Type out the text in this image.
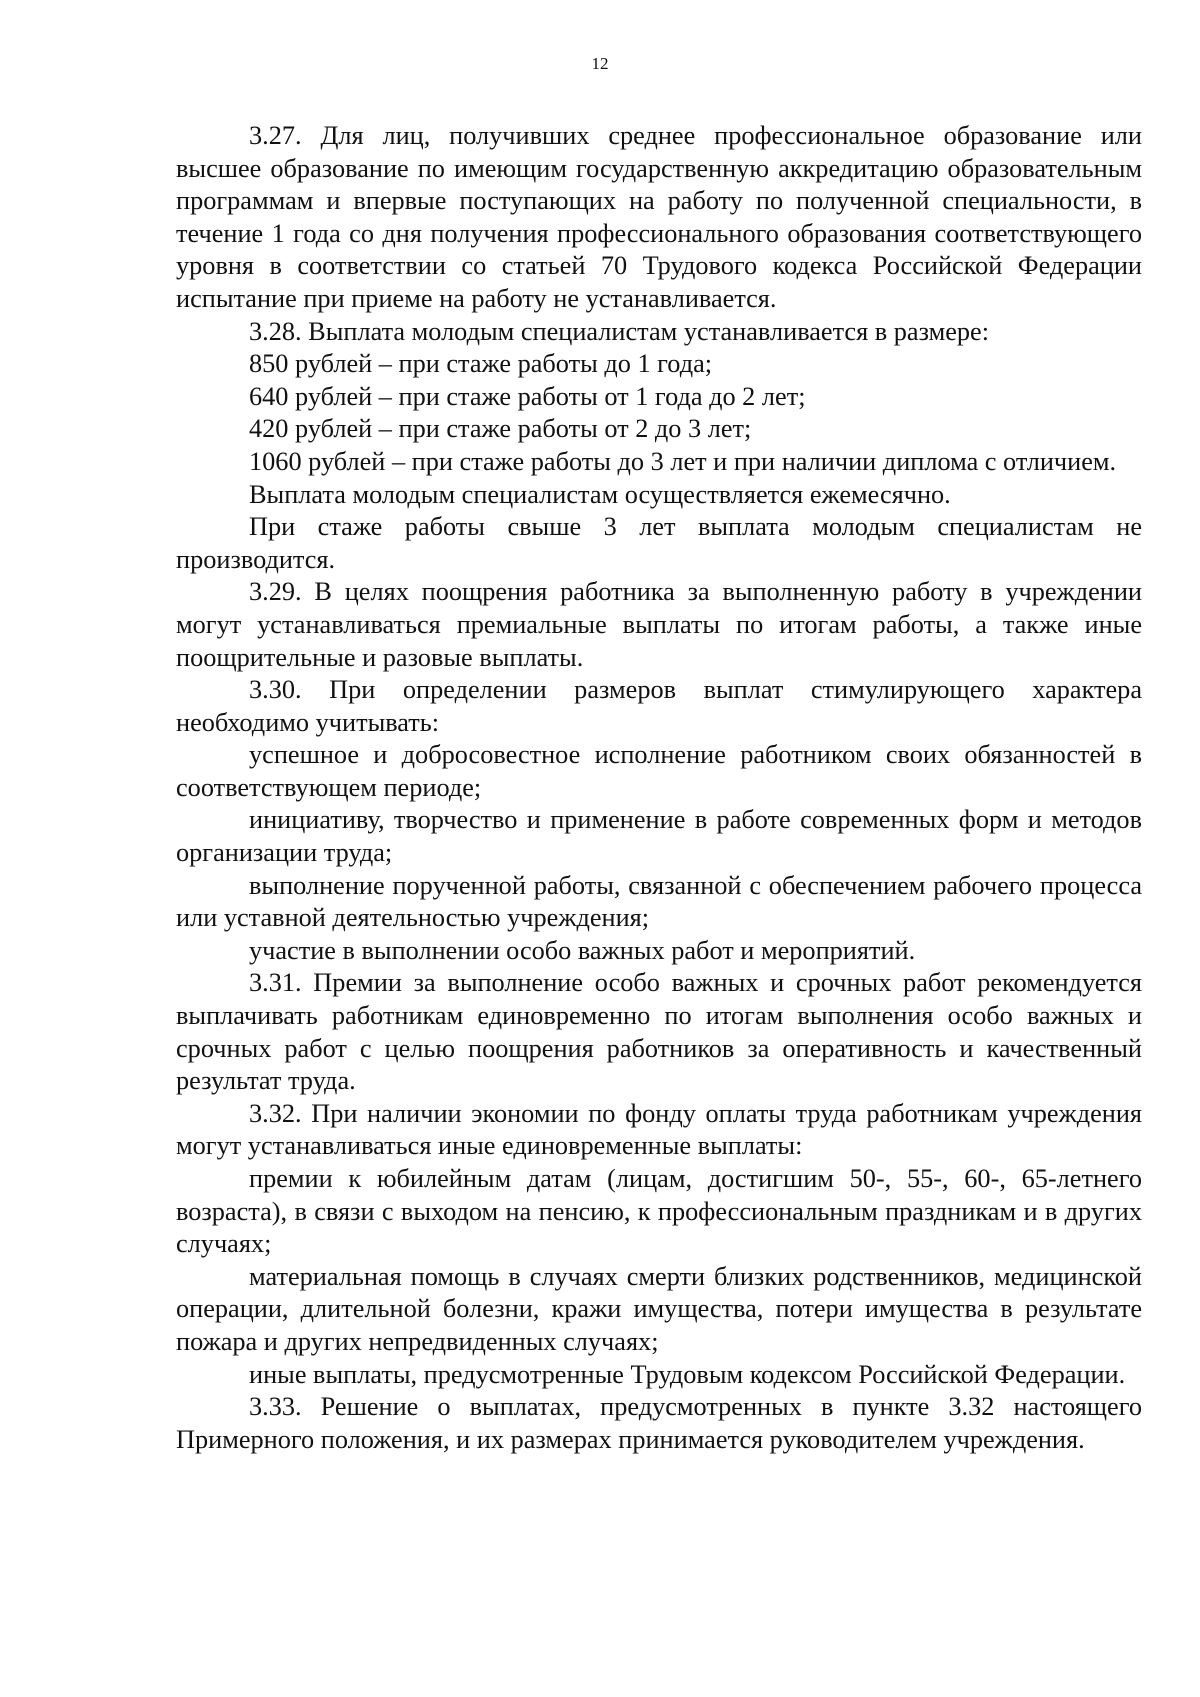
12

3.27. Для лиц, получивших среднее профессиональное образование или высшее образование по имеющим государственную аккредитацию образовательным программам и впервые поступающих на работу по полученной специальности, в течение 1 года со дня получения профессионального образования соответствующего уровня в соответствии со статьей 70 Трудового кодекса Российской Федерации испытание при приеме на работу не устанавливается.

3.28. Выплата молодым специалистам устанавливается в размере:

850 рублей – при стаже работы до 1 года;

640 рублей – при стаже работы от 1 года до 2 лет;

420 рублей – при стаже работы от 2 до 3 лет;

1060 рублей – при стаже работы до 3 лет и при наличии диплома с отличием.

Выплата молодым специалистам осуществляется ежемесячно.

При стаже работы свыше 3 лет выплата молодым специалистам не производится.

3.29. В целях поощрения работника за выполненную работу в учреждении могут устанавливаться премиальные выплаты по итогам работы, а также иные поощрительные и разовые выплаты.

3.30. При определении размеров выплат стимулирующего характера необходимо учитывать:

успешное и добросовестное исполнение работником своих обязанностей в соответствующем периоде;

инициативу, творчество и применение в работе современных форм и методов организации труда;

выполнение порученной работы, связанной с обеспечением рабочего процесса или уставной деятельностью учреждения;

участие в выполнении особо важных работ и мероприятий.

3.31. Премии за выполнение особо важных и срочных работ рекомендуется выплачивать работникам единовременно по итогам выполнения особо важных и срочных работ с целью поощрения работников за оперативность и качественный результат труда.

3.32. При наличии экономии по фонду оплаты труда работникам учреждения могут устанавливаться иные единовременные выплаты:

премии к юбилейным датам (лицам, достигшим 50-, 55-, 60-, 65-летнего возраста), в связи с выходом на пенсию, к профессиональным праздникам и в других случаях;

материальная помощь в случаях смерти близких родственников, медицинской операции, длительной болезни, кражи имущества, потери имущества в результате пожара и других непредвиденных случаях;

иные выплаты, предусмотренные Трудовым кодексом Российской Федерации.

3.33. Решение о выплатах, предусмотренных в пункте 3.32 настоящего Примерного положения, и их размерах принимается руководителем учреждения.
